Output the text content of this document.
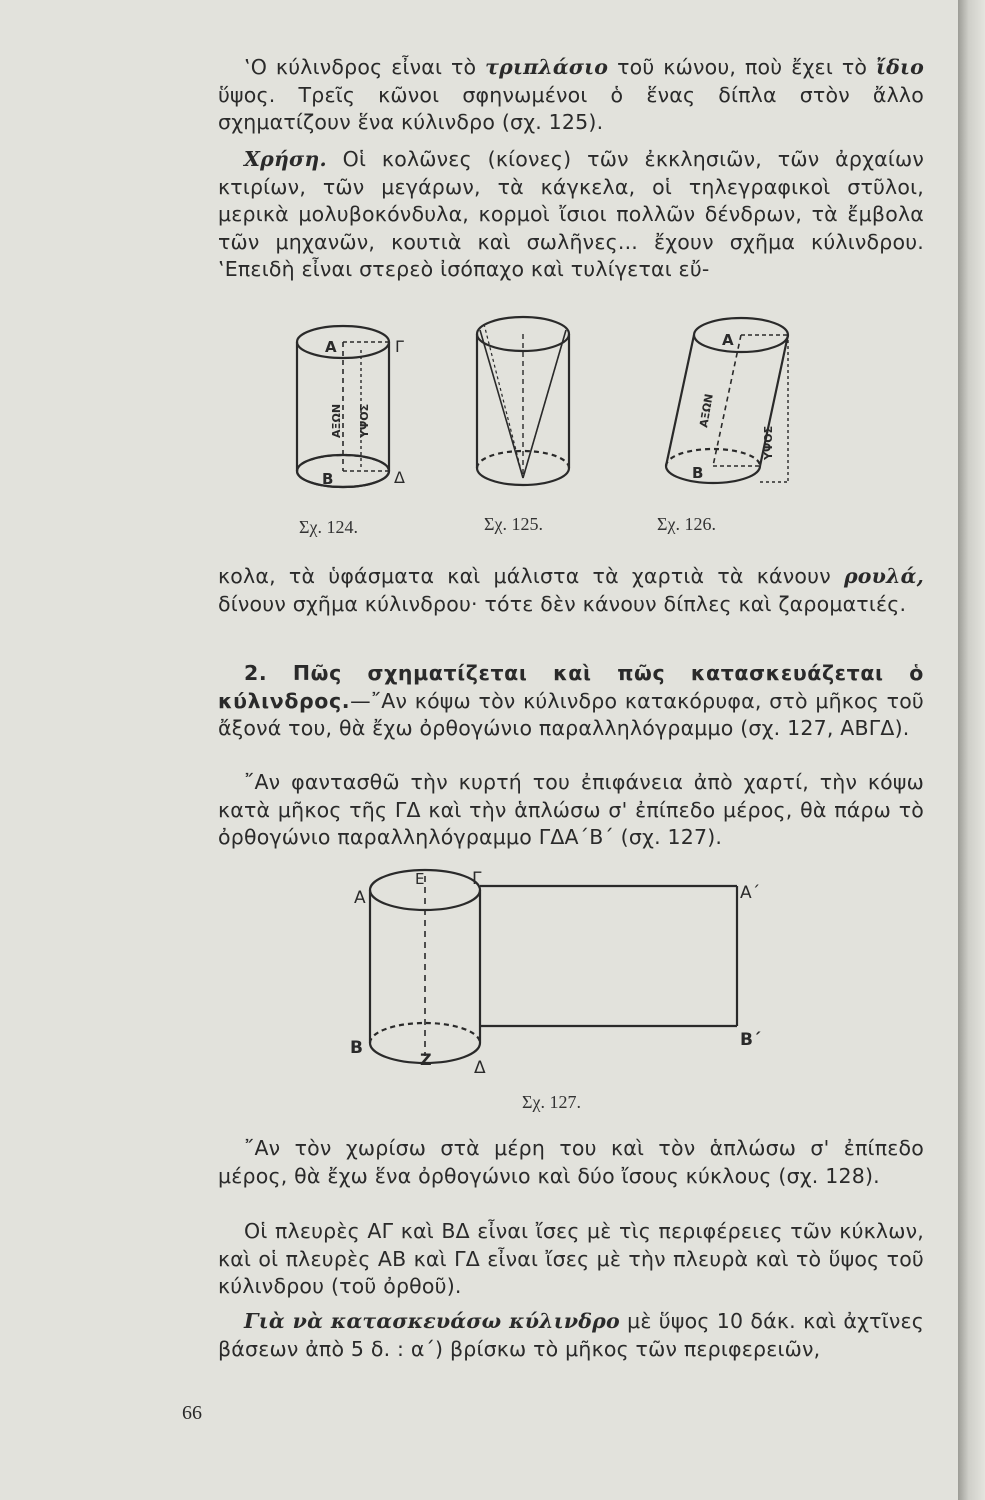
‛Ο κύλινδρος εἶναι τὸ τριπλάσιο τοῦ κώνου, ποὺ ἔχει τὸ ἴδιο ὕψος. Τρεῖς κῶνοι σφηνωμένοι ὁ ἕνας δίπλα στὸν ἄλλο σχηματίζουν ἕνα κύλινδρο (σχ. 125).

Χρήση. Οἱ κολῶνες (κίονες) τῶν ἐκκλησιῶν, τῶν ἀρχαίων κτιρίων, τῶν μεγάρων, τὰ κάγκελα, οἱ τηλεγραφικοὶ στῦλοι, μερικὰ μολυβοκόνδυλα, κορμοὶ ἴσιοι πολλῶν δένδρων, τὰ ἔμβολα τῶν μηχανῶν, κουτιὰ καὶ σωλῆνες... ἔχουν σχῆμα κύλινδρου. ‛Επειδὴ εἶναι στερεὸ ἰσόπαχο καὶ τυλίγεται εὔ-

Α	Γ
Β	Δ
ΑΞΩΝ ΥΨΟΣ
Α
Β
ΑΞΩΝ
ΥΨΟΣ
Σχ. 124.	Σχ. 125.	Σχ. 126.

κολα, τὰ ὑφάσματα καὶ μάλιστα τὰ χαρτιὰ τὰ κάνουν ρουλά, δίνουν σχῆμα κύλινδρου· τότε δὲν κάνουν δίπλες καὶ ζαροματιές.

2. Πῶς σχηματίζεται καὶ πῶς κατασκευάζεται ὁ κύλινδρος.—῎Αν κόψω τὸν κύλινδρο κατακόρυφα, στὸ μῆκος τοῦ ἄξονά του, θὰ ἔχω ὀρθογώνιο παραλληλόγραμμο (σχ. 127, ΑΒΓΔ).

῎Αν φαντασθῶ τὴν κυρτή του ἐπιφάνεια ἀπὸ χαρτί, τὴν κόψω κατὰ μῆκος τῆς ΓΔ καὶ τὴν ἁπλώσω σ' ἐπίπεδο μέρος, θὰ πάρω τὸ ὀρθογώνιο παραλληλόγραμμο ΓΔΑ΄Β΄ (σχ. 127).

Α
Ε	Γ
Α΄
Β
Ζ Δ
Β΄
Σχ. 127.

῎Αν τὸν χωρίσω στὰ μέρη του καὶ τὸν ἁπλώσω σ' ἐπίπεδο μέρος, θὰ ἔχω ἕνα ὀρθογώνιο καὶ δύο ἴσους κύκλους (σχ. 128).

Οἱ πλευρὲς ΑΓ καὶ ΒΔ εἶναι ἴσες μὲ τὶς περιφέρειες τῶν κύκλων, καὶ οἱ πλευρὲς ΑΒ καὶ ΓΔ εἶναι ἴσες μὲ τὴν πλευρὰ καὶ τὸ ὕψος τοῦ κύλινδρου (τοῦ ὀρθοῦ).

Γιὰ νὰ κατασκευάσω κύλινδρο μὲ ὕψος 10 δάκ. καὶ ἀχτῖνες βάσεων ἀπὸ 5 δ. : α΄) βρίσκω τὸ μῆκος τῶν περιφερειῶν,

66
